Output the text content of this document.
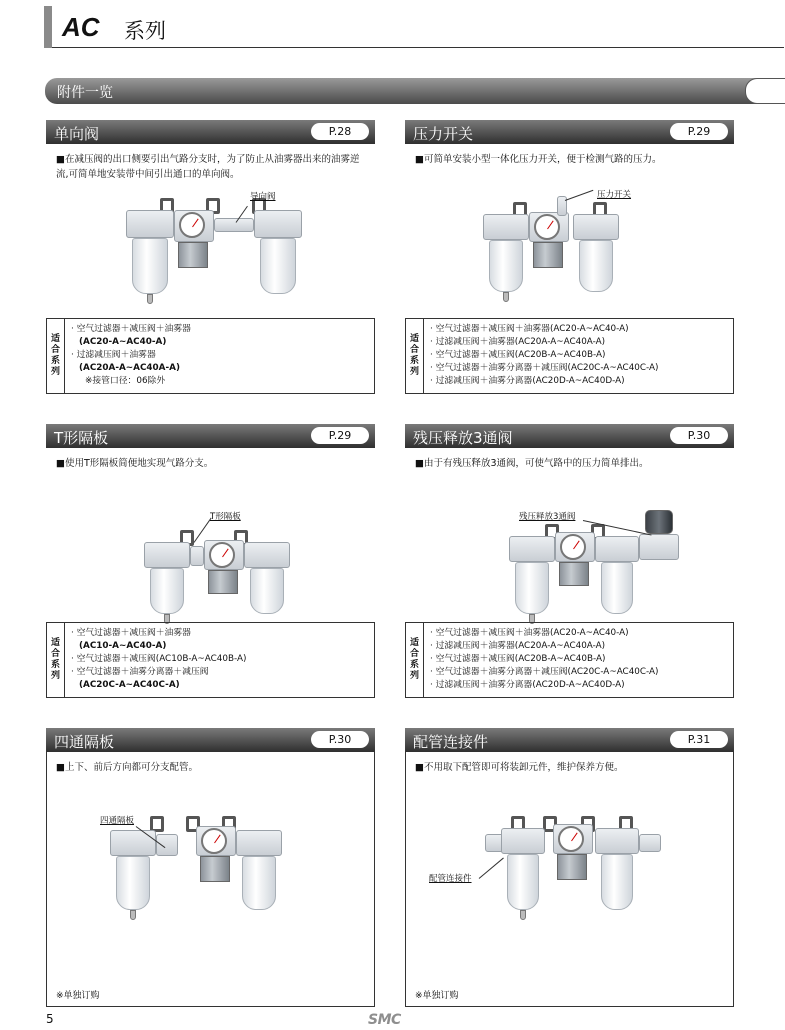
AC 系列
附件一览
单向阀	P.28
■在减压阀的出口侧要引出气路分支时，为了防止从油雾器出来的油雾逆流,可简单地安装带中间引出通口的单向阀。
导向阀
适
合
系
列
· 空气过滤器＋减压阀＋油雾器
(AC20-A~AC40-A)
· 过滤减压阀＋油雾器
(AC20A-A~AC40A-A)
※接管口径：06除外
压力开关	P.29
■可简单安装小型一体化压力开关，便于检测气路的压力。
压力开关
适
合
系
列
· 空气过滤器＋减压阀＋油雾器(AC20-A~AC40-A)
· 过滤减压阀＋油雾器(AC20A-A~AC40A-A)
· 空气过滤器＋减压阀(AC20B-A~AC40B-A)
· 空气过滤器＋油雾分离器＋减压阀(AC20C-A~AC40C-A)
· 过滤减压阀＋油雾分离器(AC20D-A~AC40D-A)
T形隔板	P.29
■使用T形隔板简便地实现气路分支。
T形隔板
适
合
系
列
· 空气过滤器＋减压阀＋油雾器
(AC10-A~AC40-A)
· 空气过滤器＋减压阀(AC10B-A~AC40B-A)
· 空气过滤器＋油雾分离器＋减压阀
(AC20C-A~AC40C-A)
残压释放3通阀	P.30
■由于有残压释放3通阀，可使气路中的压力简单排出。
残压释放3通阀
适
合
系
列
· 空气过滤器＋减压阀＋油雾器(AC20-A~AC40-A)
· 过滤减压阀＋油雾器(AC20A-A~AC40A-A)
· 空气过滤器＋减压阀(AC20B-A~AC40B-A)
· 空气过滤器＋油雾分离器＋减压阀(AC20C-A~AC40C-A)
· 过滤减压阀＋油雾分离器(AC20D-A~AC40D-A)
四通隔板	P.30
■上下、前后方向都可分支配管。
四通隔板
※单独订购
配管连接件	P.31
■不用取下配管即可将装卸元件，维护保养方便。
配管连接件
※单独订购
5	SMC
